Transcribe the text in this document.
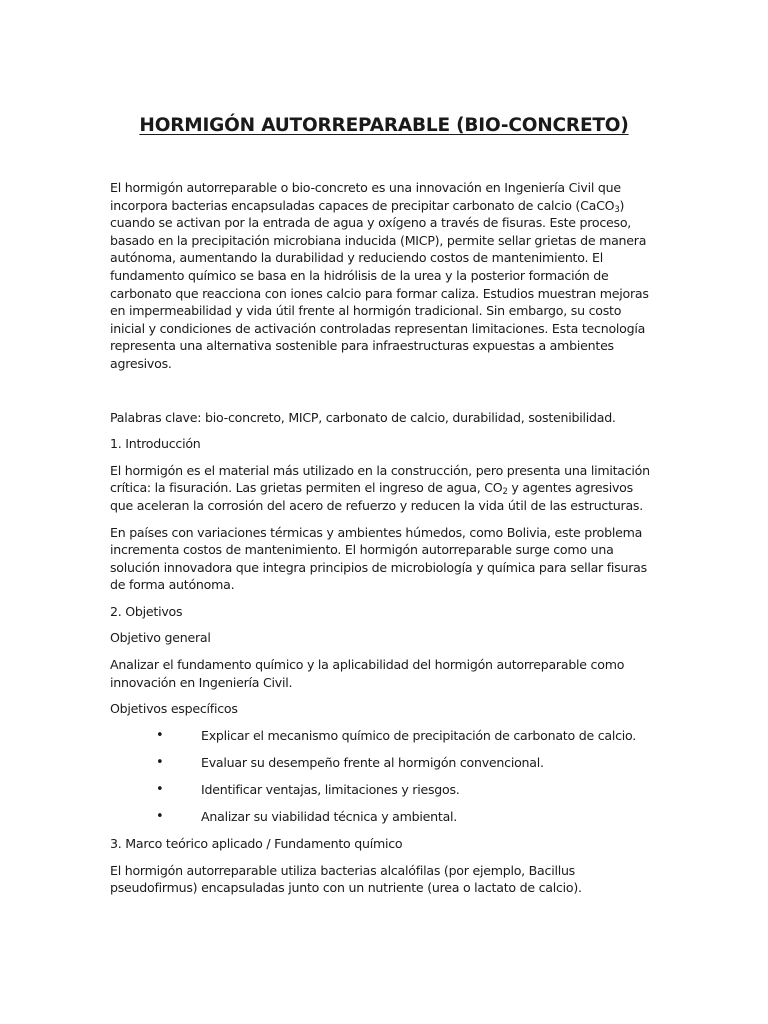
HORMIGÓN AUTORREPARABLE (BIO-CONCRETO)

El hormigón autorreparable o bio-concreto es una innovación en Ingeniería Civil que incorpora bacterias encapsuladas capaces de precipitar carbonato de calcio (CaCO$_3$) cuando se activan por la entrada de agua y oxígeno a través de fisuras. Este proceso, basado en la precipitación microbiana inducida (MICP), permite sellar grietas de manera autónoma, aumentando la durabilidad y reduciendo costos de mantenimiento. El fundamento químico se basa en la hidrólisis de la urea y la posterior formación de carbonato que reacciona con iones calcio para formar caliza. Estudios muestran mejoras en impermeabilidad y vida útil frente al hormigón tradicional. Sin embargo, su costo inicial y condiciones de activación controladas representan limitaciones. Esta tecnología representa una alternativa sostenible para infraestructuras expuestas a ambientes agresivos.

Palabras clave: bio-concreto, MICP, carbonato de calcio, durabilidad, sostenibilidad.

1. Introducción

El hormigón es el material más utilizado en la construcción, pero presenta una limitación crítica: la fisuración. Las grietas permiten el ingreso de agua, $CO_2$ y agentes agresivos que aceleran la corrosión del acero de refuerzo y reducen la vida útil de las estructuras.

En países con variaciones térmicas y ambientes húmedos, como Bolivia, este problema incrementa costos de mantenimiento. El hormigón autorreparable surge como una solución innovadora que integra principios de microbiología y química para sellar fisuras de forma autónoma.

2. Objetivos

Objetivo general

Analizar el fundamento químico y la aplicabilidad del hormigón autorreparable como innovación en Ingeniería Civil.

Objetivos específicos

•	Explicar el mecanismo químico de precipitación de carbonato de calcio.
•	Evaluar su desempeño frente al hormigón convencional.
•	Identificar ventajas, limitaciones y riesgos.
•	Analizar su viabilidad técnica y ambiental.

3. Marco teórico aplicado / Fundamento químico

El hormigón autorreparable utiliza bacterias alcalófilas (por ejemplo, Bacillus pseudofirmus) encapsuladas junto con un nutriente (urea o lactato de calcio).
